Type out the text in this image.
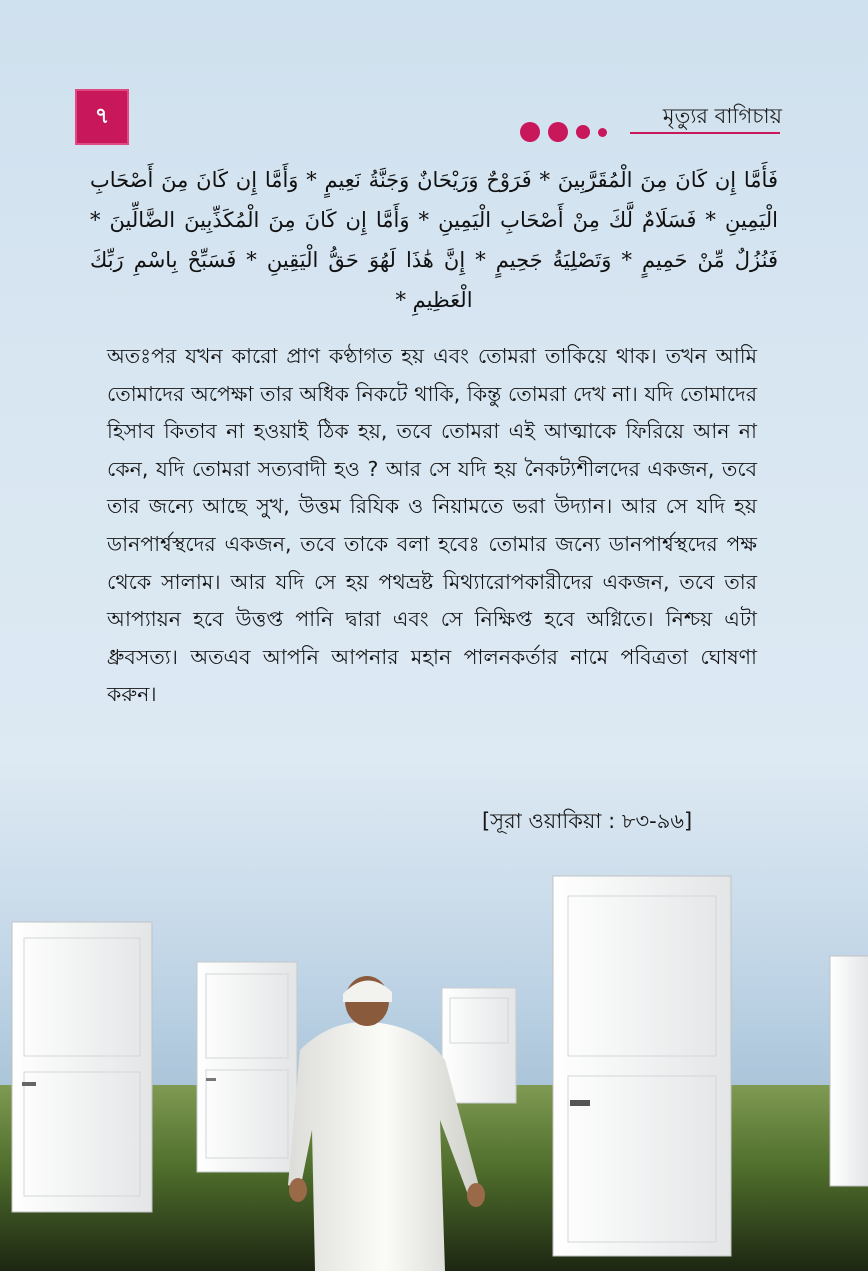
৭	মৃত্যুর বাগিচায়
فَأَمَّا إِن كَانَ مِنَ الْمُقَرَّبِينَ * فَرَوْحٌ وَرَيْحَانٌ وَجَنَّةُ نَعِيمٍ * وَأَمَّا إِن كَانَ مِنَ أَصْحَابِ الْيَمِينِ * فَسَلَامٌ لَّكَ مِنْ أَصْحَابِ الْيَمِينِ * وَأَمَّا إِن كَانَ مِنَ الْمُكَذِّبِينَ الضَّالِّينَ * فَنُزُلٌ مِّنْ حَمِيمٍ * وَتَصْلِيَةُ جَحِيمٍ * إِنَّ هَٰذَا لَهُوَ حَقُّ الْيَقِينِ * فَسَبِّحْ بِاسْمِ رَبِّكَ الْعَظِيمِ *
অতঃপর যখন কারো প্রাণ কণ্ঠাগত হয় এবং তোমরা তাকিয়ে থাক। তখন আমি তোমাদের অপেক্ষা তার অধিক নিকটে থাকি, কিন্তু তোমরা দেখ না। যদি তোমাদের হিসাব কিতাব না হওয়াই ঠিক হয়, তবে তোমরা এই আত্মাকে ফিরিয়ে আন না কেন, যদি তোমরা সত্যবাদী হও ? আর সে যদি হয় নৈকট্যশীলদের একজন, তবে তার জন্যে আছে সুখ, উত্তম রিযিক ও নিয়ামতে ভরা উদ্যান। আর সে যদি হয় ডানপার্শ্বস্থদের একজন, তবে তাকে বলা হবেঃ তোমার জন্যে ডানপার্শ্বস্থদের পক্ষ থেকে সালাম। আর যদি সে হয় পথভ্রষ্ট মিথ্যারোপকারীদের একজন, তবে তার আপ্যায়ন হবে উত্তপ্ত পানি দ্বারা এবং সে নিক্ষিপ্ত হবে অগ্নিতে। নিশ্চয় এটা ধ্রুবসত্য। অতএব আপনি আপনার মহান পালনকর্তার নামে পবিত্রতা ঘোষণা করুন।
[সূরা ওয়াকিয়া : ৮৩-৯৬]
